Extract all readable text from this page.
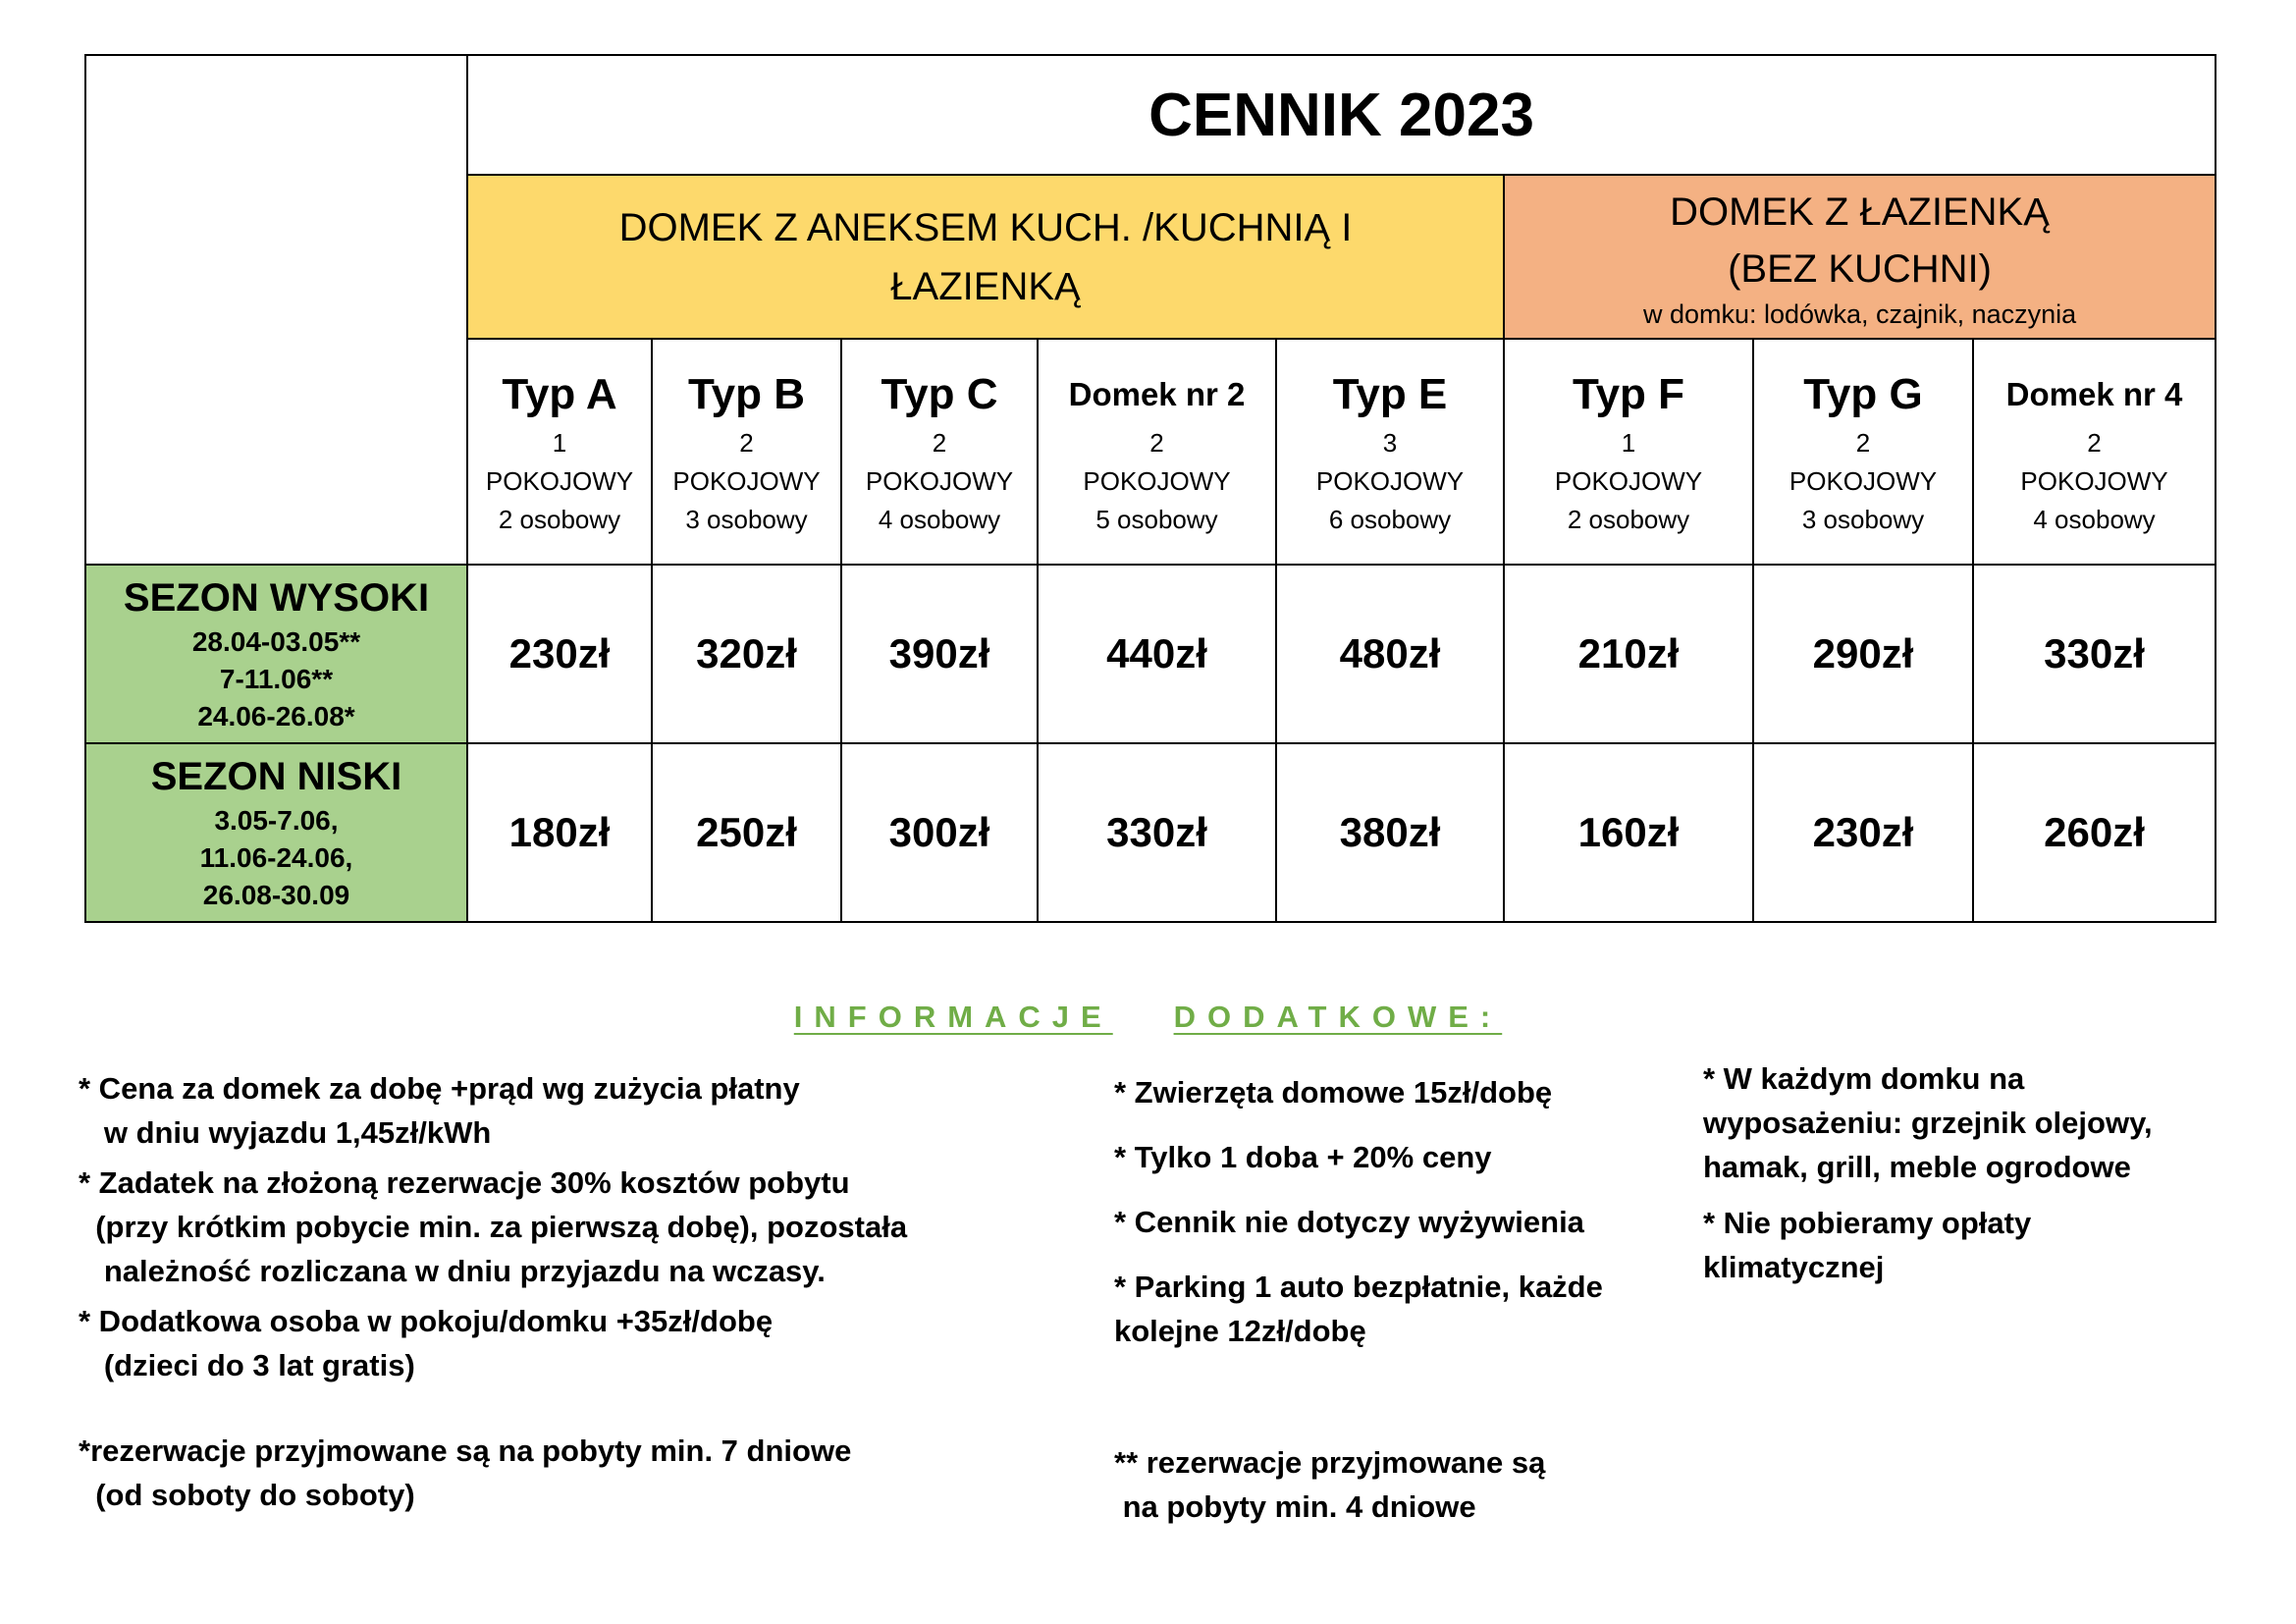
	CENNIK 2023							
	DOMEK Z ANEKSEM KUCH. /KUCHNIĄ I
ŁAZIENKĄ					DOMEK Z ŁAZIENKĄ
(BEZ KUCHNI)
w domku: lodówka, czajnik, naczynia		

	Typ A
1
POKOJOWY
2 osobowy	Typ B
2
POKOJOWY
3 osobowy	Typ C
2
POKOJOWY
4 osobowy	Domek nr 2
2
POKOJOWY
5 osobowy	Typ E
3
POKOJOWY
6 osobowy	Typ F
1
POKOJOWY
2 osobowy	Typ G
2
POKOJOWY
3 osobowy	Domek nr 4
2
POKOJOWY
4 osobowy

SEZON WYSOKI
28.04-03.05**
7-11.06**
24.06-26.08*	230zł	320zł	390zł	440zł	480zł	210zł	290zł	330zł

SEZON NISKI
3.05-7.06,
11.06-24.06,
26.08-30.09	180zł	250zł	300zł	330zł	380zł	160zł	230zł	260zł
INFORMACJE DODATKOWE:

* Cena za domek za dobę +prąd wg zużycia płatny

w dniu wyjazdu 1,45zł/kWh

* Zadatek na złożoną rezerwacje 30% kosztów pobytu

(przy krótkim pobycie min. za pierwszą dobę), pozostała

należność rozliczana w dniu przyjazdu na wczasy.

* Dodatkowa osoba w pokoju/domku +35zł/dobę

(dzieci do 3 lat gratis)

*rezerwacje przyjmowane są na pobyty min. 7 dniowe

(od soboty do soboty)

* Zwierzęta domowe 15zł/dobę

* Tylko 1 doba + 20% ceny

* Cennik nie dotyczy wyżywienia

* Parking 1 auto bezpłatnie, każde

kolejne 12zł/dobę

** rezerwacje przyjmowane są

na pobyty min. 4 dniowe

* W każdym domku na

wyposażeniu: grzejnik olejowy,

hamak, grill, meble ogrodowe

* Nie pobieramy opłaty

klimatycznej
